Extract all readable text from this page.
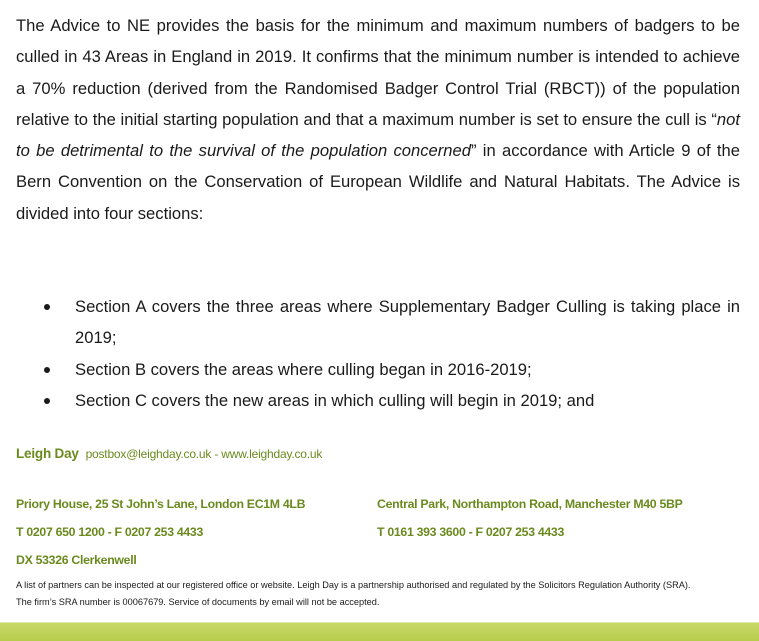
The Advice to NE provides the basis for the minimum and maximum numbers of badgers to be culled in 43 Areas in England in 2019. It confirms that the minimum number is intended to achieve a 70% reduction (derived from the Randomised Badger Control Trial (RBCT)) of the population relative to the initial starting population and that a maximum number is set to ensure the cull is “not to be detrimental to the survival of the population concerned” in accordance with Article 9 of the Bern Convention on the Conservation of European Wildlife and Natural Habitats. The Advice is divided into four sections:

Section A covers the three areas where Supplementary Badger Culling is taking place in 2019;
Section B covers the areas where culling began in 2016-2019;
Section C covers the new areas in which culling will begin in 2019; and
Leigh Day postbox@leighday.co.uk - www.leighday.co.uk
Priory House, 25 St John’s Lane, London EC1M 4LB
T 0207 650 1200 - F 0207 253 4433
DX 53326 Clerkenwell
Central Park, Northampton Road, Manchester M40 5BP
T 0161 393 3600 - F 0207 253 4433

A list of partners can be inspected at our registered office or website. Leigh Day is a partnership authorised and regulated by the Solicitors Regulation Authority (SRA).
The firm’s SRA number is 00067679. Service of documents by email will not be accepted.
